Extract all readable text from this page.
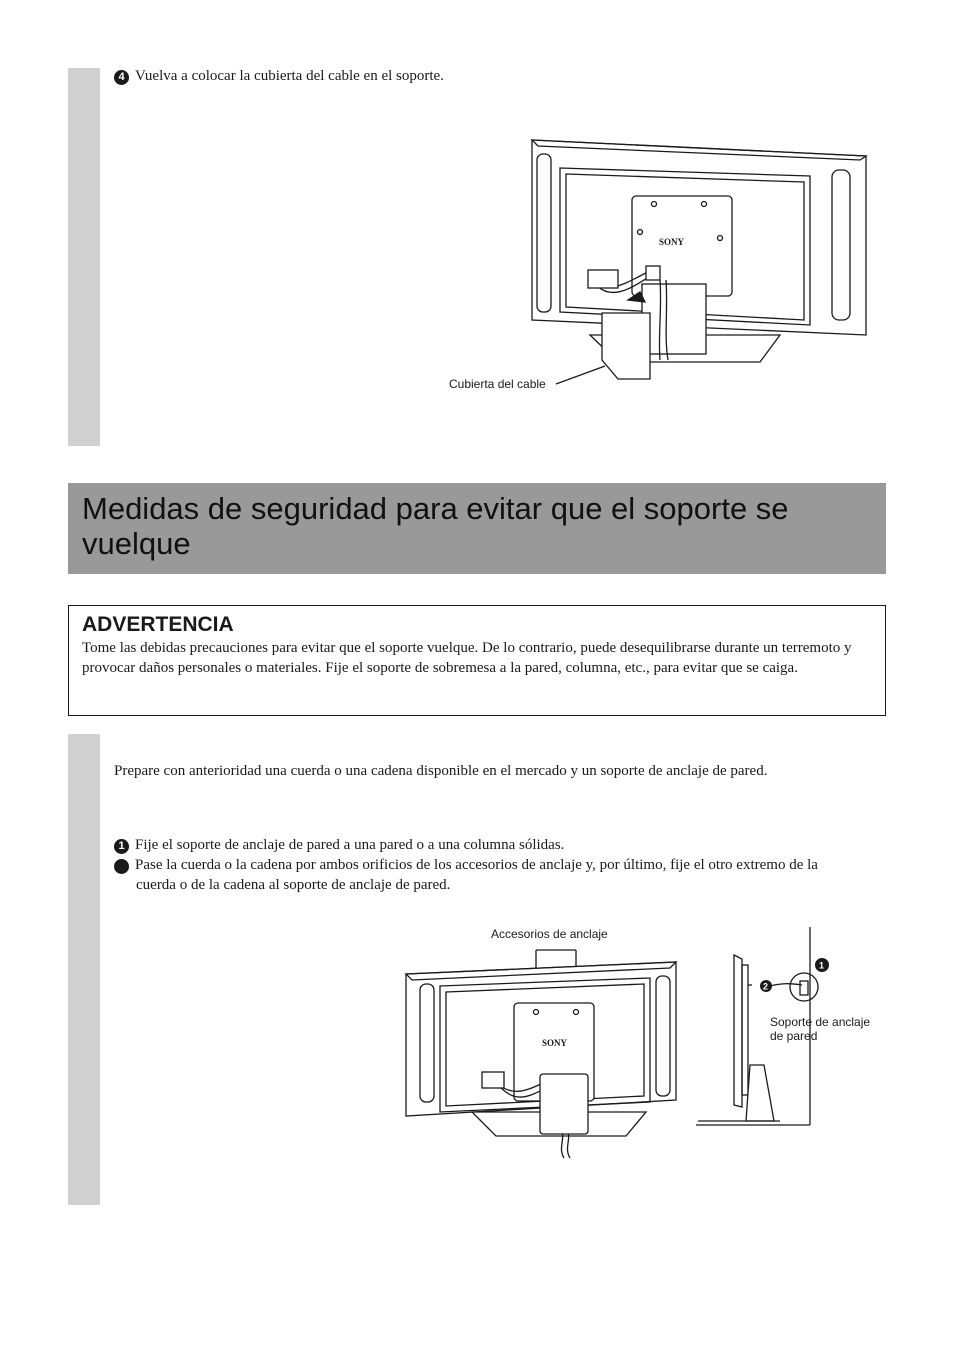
4 Vuelva a colocar la cubierta del cable en el soporte.
SONY
Cubierta del cable
Medidas de seguridad para evitar que el soporte se vuelque
ADVERTENCIA
Tome las debidas precauciones para evitar que el soporte vuelque. De lo contrario, puede desequilibrarse durante un terremoto y provocar daños personales o materiales. Fije el soporte de sobremesa a la pared, columna, etc., para evitar que se caiga.
Prepare con anterioridad una cuerda o una cadena disponible en el mercado y un soporte de anclaje de pared.
1 Fije el soporte de anclaje de pared a una pared o a una columna sólidas.
2 Pase la cuerda o la cadena por ambos orificios de los accesorios de anclaje y, por último, fije el otro extremo de la cuerda o de la cadena al soporte de anclaje de pared.
SONY
Accesorios de anclaje
2
1
Soporte de anclaje
de pared
